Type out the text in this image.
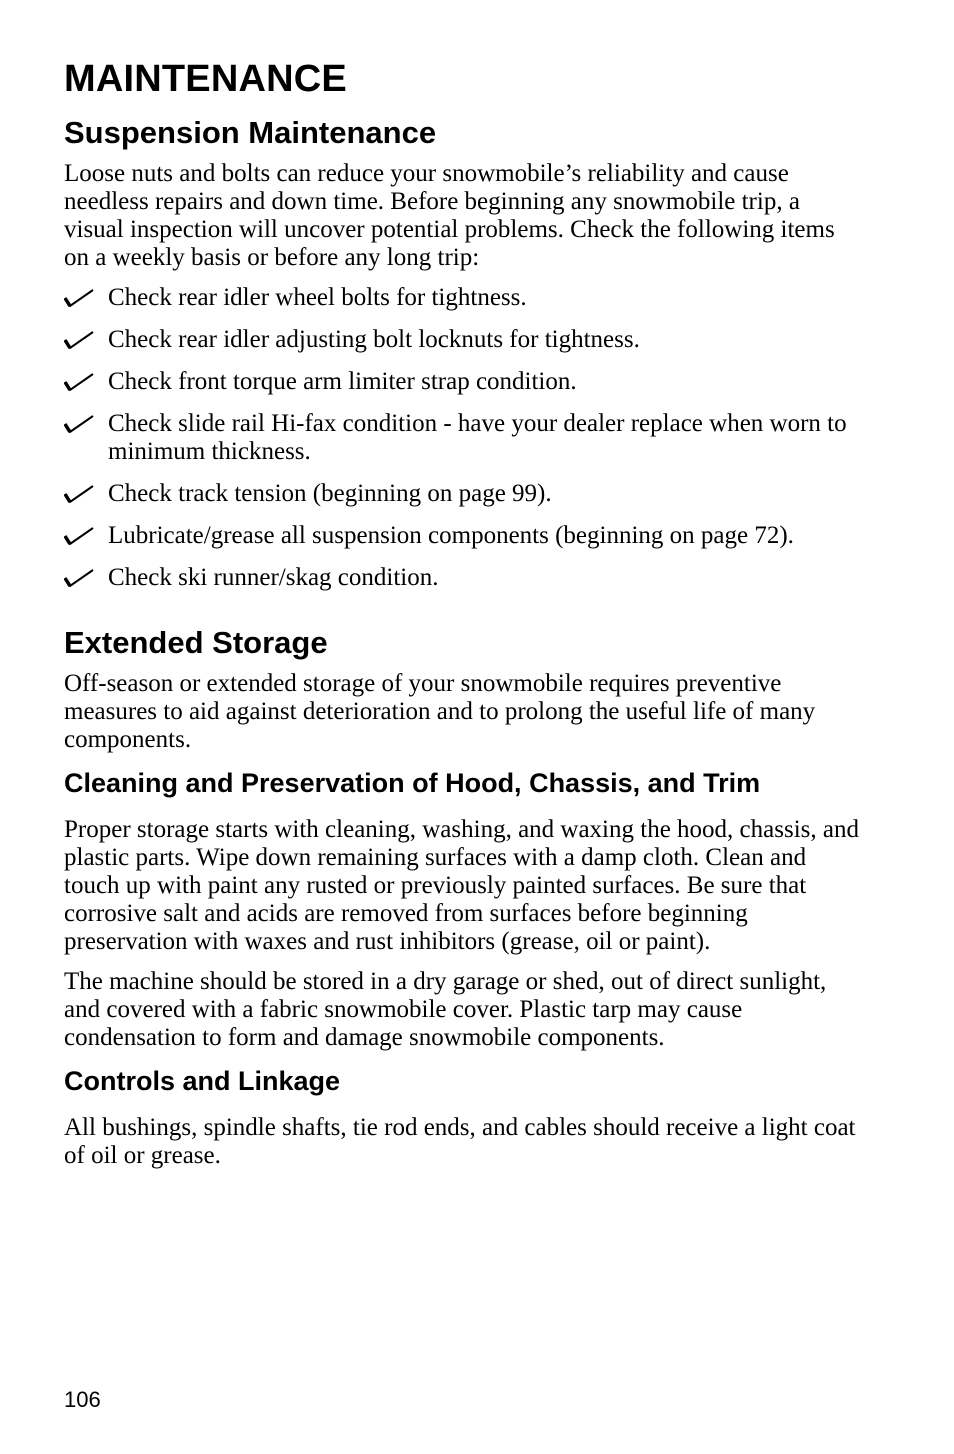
MAINTENANCE
Suspension Maintenance

Loose nuts and bolts can reduce your snowmobile’s reliability and cause needless repairs and down time. Before beginning any snowmobile trip, a visual inspection will uncover potential problems. Check the following items on a weekly basis or before any long trip:

Check rear idler wheel bolts for tightness.
Check rear idler adjusting bolt locknuts for tightness.
Check front torque arm limiter strap condition.
Check slide rail Hi-fax condition - have your dealer replace when worn to minimum thickness.
Check track tension (beginning on page 99).
Lubricate/grease all suspension components (beginning on page 72).
Check ski runner/skag condition.
Extended Storage

Off-season or extended storage of your snowmobile requires preventive measures to aid against deterioration and to prolong the useful life of many components.

Cleaning and Preservation of Hood, Chassis, and Trim

Proper storage starts with cleaning, washing, and waxing the hood, chassis, and plastic parts. Wipe down remaining surfaces with a damp cloth. Clean and touch up with paint any rusted or previously painted surfaces. Be sure that corrosive salt and acids are removed from surfaces before beginning preservation with waxes and rust inhibitors (grease, oil or paint).

The machine should be stored in a dry garage or shed, out of direct sunlight, and covered with a fabric snowmobile cover. Plastic tarp may cause condensation to form and damage snowmobile components.

Controls and Linkage

All bushings, spindle shafts, tie rod ends, and cables should receive a light coat of oil or grease.

106
